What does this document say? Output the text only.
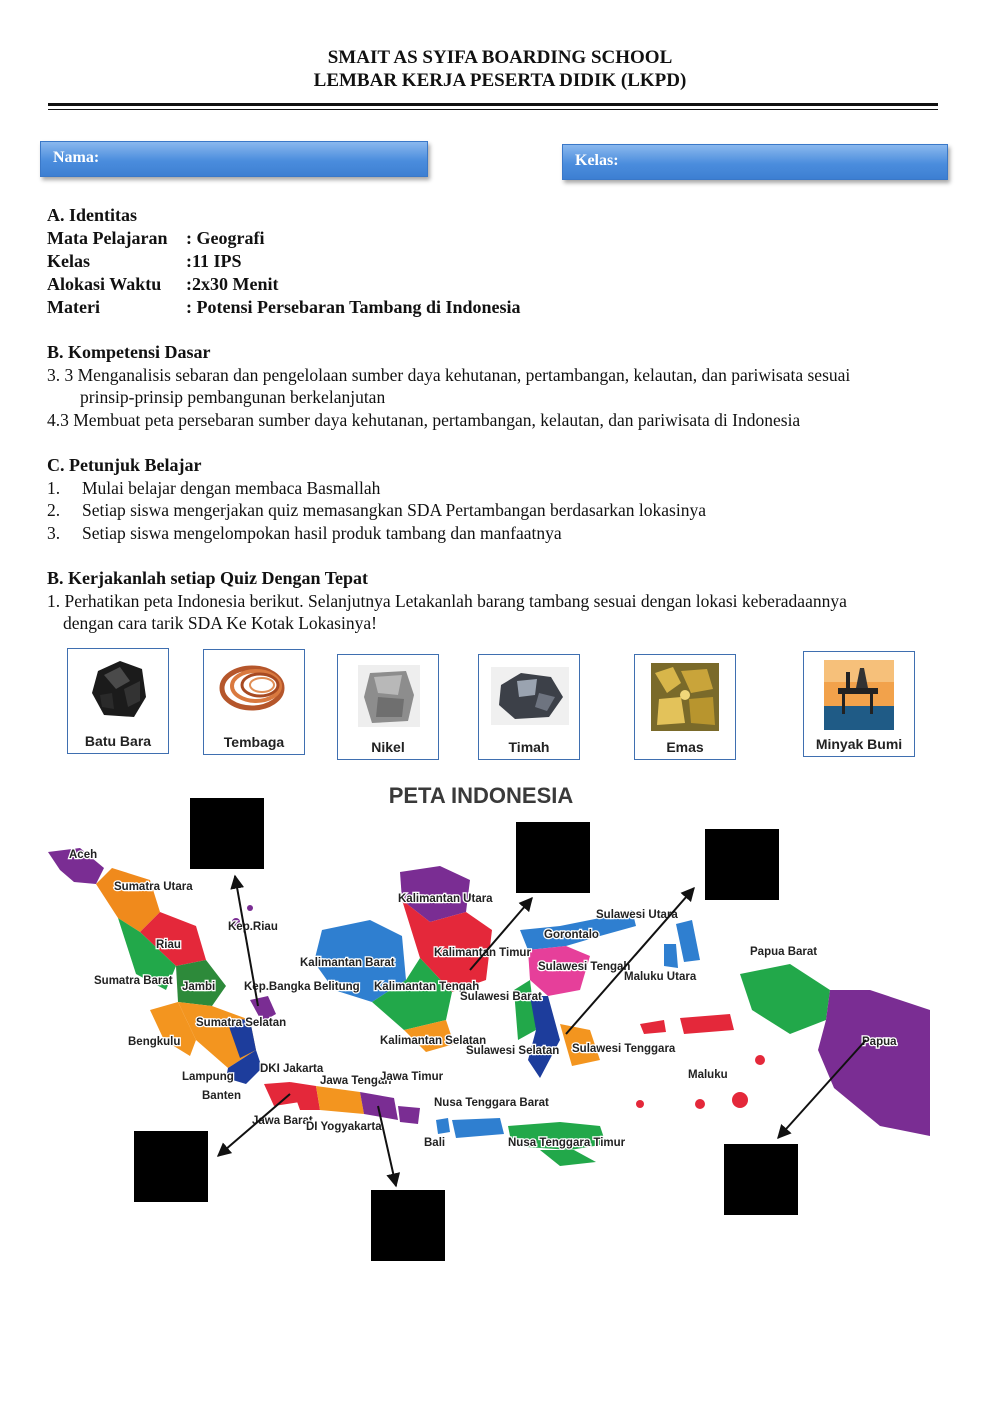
SMAIT AS SYIFA BOARDING SCHOOL
LEMBAR KERJA PESERTA DIDIK (LKPD)
Nama:	Kelas:
A. Identitas
Mata Pelajaran : Geografi
Kelas	:11 IPS
Alokasi Waktu :2x30 Menit
Materi	: Potensi Persebaran Tambang di Indonesia
B. Kompetensi Dasar
3. 3 Menganalisis sebaran dan pengelolaan sumber daya kehutanan, pertambangan, kelautan, dan pariwisata sesuai
prinsip-prinsip pembangunan berkelanjutan
4.3 Membuat peta persebaran sumber daya kehutanan, pertambangan, kelautan, dan pariwisata di Indonesia
C. Petunjuk Belajar
1. Mulai belajar dengan membaca Basmallah
2. Setiap siswa mengerjakan quiz memasangkan SDA Pertambangan berdasarkan lokasinya
3. Setiap siswa mengelompokan hasil produk tambang dan manfaatnya
B. Kerjakanlah setiap Quiz Dengan Tepat
1. Perhatikan peta Indonesia berikut. Selanjutnya Letakanlah barang tambang sesuai dengan lokasi keberadaannya
dengan cara tarik SDA Ke Kotak Lokasinya!
Batu Bara	Tembaga	Nikel	Timah	Emas	Minyak Bumi
PETA INDONESIA
Aceh
Sumatra Utara
Riau
Sumatra Barat Jambi
Sumatra Selatan
Bengkulu
Lampung
Banten
Kep.Riau
Kep.Bangka Belitung
DKI Jakarta
Jawa Barat
Jawa Tengah
Jawa Timur
DI Yogyakarta
Bali
Nusa Tenggara Barat
Nusa Tenggara Timur
Kalimantan Utara
Kalimantan Barat
Kalimantan Timur
Kalimantan Tengah
Kalimantan Selatan
Sulawesi Utara
Gorontalo
Sulawesi Tengah
Sulawesi Barat
Sulawesi Selatan Sulawesi Tenggara
Maluku Utara
Maluku
Papua Barat
Papua
